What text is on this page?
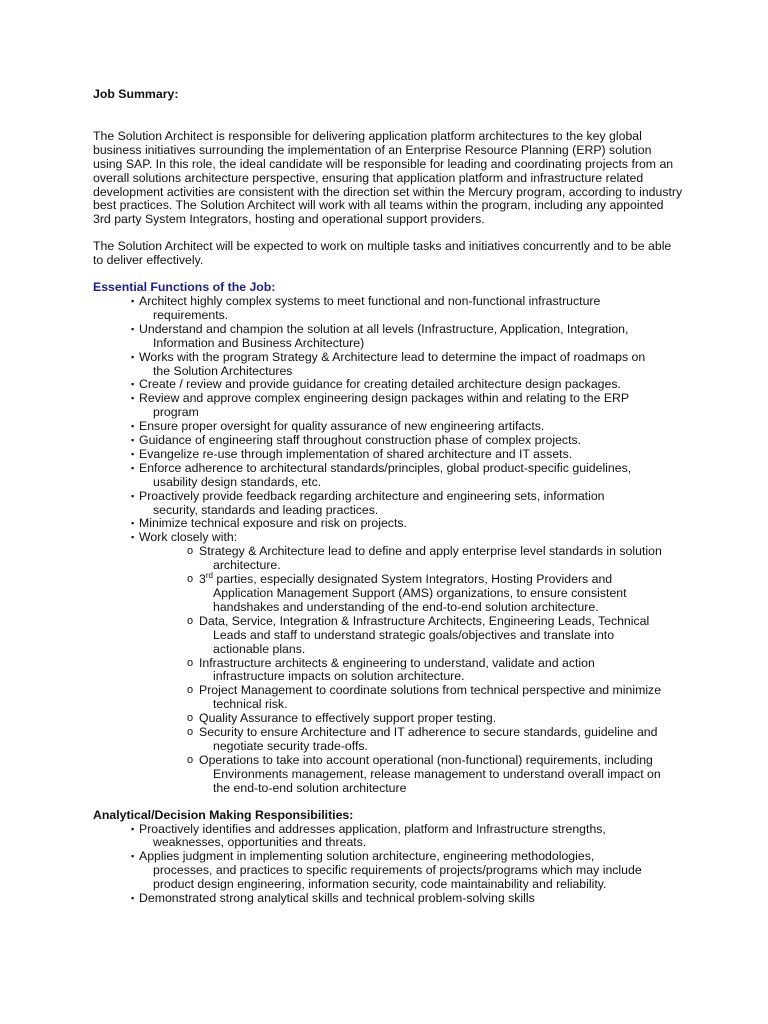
Job Summary:

The Solution Architect is responsible for delivering application platform architectures to the key global business initiatives surrounding the implementation of an Enterprise Resource Planning (ERP) solution using SAP. In this role, the ideal candidate will be responsible for leading and coordinating projects from an overall solutions architecture perspective, ensuring that application platform and infrastructure related development activities are consistent with the direction set within the Mercury program, according to industry best practices. The Solution Architect will work with all teams within the program, including any appointed 3rd party System Integrators, hosting and operational support providers.

The Solution Architect will be expected to work on multiple tasks and initiatives concurrently and to be able to deliver effectively.

Essential Functions of the Job:

▪ Architect highly complex systems to meet functional and non-functional infrastructure
requirements.
▪ Understand and champion the solution at all levels (Infrastructure, Application, Integration,
Information and Business Architecture)
▪ Works with the program Strategy & Architecture lead to determine the impact of roadmaps on
the Solution Architectures
▪ Create / review and provide guidance for creating detailed architecture design packages.
▪ Review and approve complex engineering design packages within and relating to the ERP
program
▪ Ensure proper oversight for quality assurance of new engineering artifacts.
▪ Guidance of engineering staff throughout construction phase of complex projects.
▪ Evangelize re-use through implementation of shared architecture and IT assets.
▪ Enforce adherence to architectural standards/principles, global product-specific guidelines,
usability design standards, etc.
▪ Proactively provide feedback regarding architecture and engineering sets, information
security, standards and leading practices.
▪ Minimize technical exposure and risk on projects.
▪ Work closely with:
o Strategy & Architecture lead to define and apply enterprise level standards in solution
architecture.
o 3rd parties, especially designated System Integrators, Hosting Providers and
Application Management Support (AMS) organizations, to ensure consistent
handshakes and understanding of the end-to-end solution architecture.
o Data, Service, Integration & Infrastructure Architects, Engineering Leads, Technical
Leads and staff to understand strategic goals/objectives and translate into
actionable plans.
o Infrastructure architects & engineering to understand, validate and action
infrastructure impacts on solution architecture.
o Project Management to coordinate solutions from technical perspective and minimize
technical risk.
o Quality Assurance to effectively support proper testing.
o Security to ensure Architecture and IT adherence to secure standards, guideline and
negotiate security trade-offs.
o Operations to take into account operational (non-functional) requirements, including
Environments management, release management to understand overall impact on
the end-to-end solution architecture

Analytical/Decision Making Responsibilities:

▪ Proactively identifies and addresses application, platform and Infrastructure strengths,
weaknesses, opportunities and threats.
▪ Applies judgment in implementing solution architecture, engineering methodologies,
processes, and practices to specific requirements of projects/programs which may include
product design engineering, information security, code maintainability and reliability.
▪ Demonstrated strong analytical skills and technical problem-solving skills
